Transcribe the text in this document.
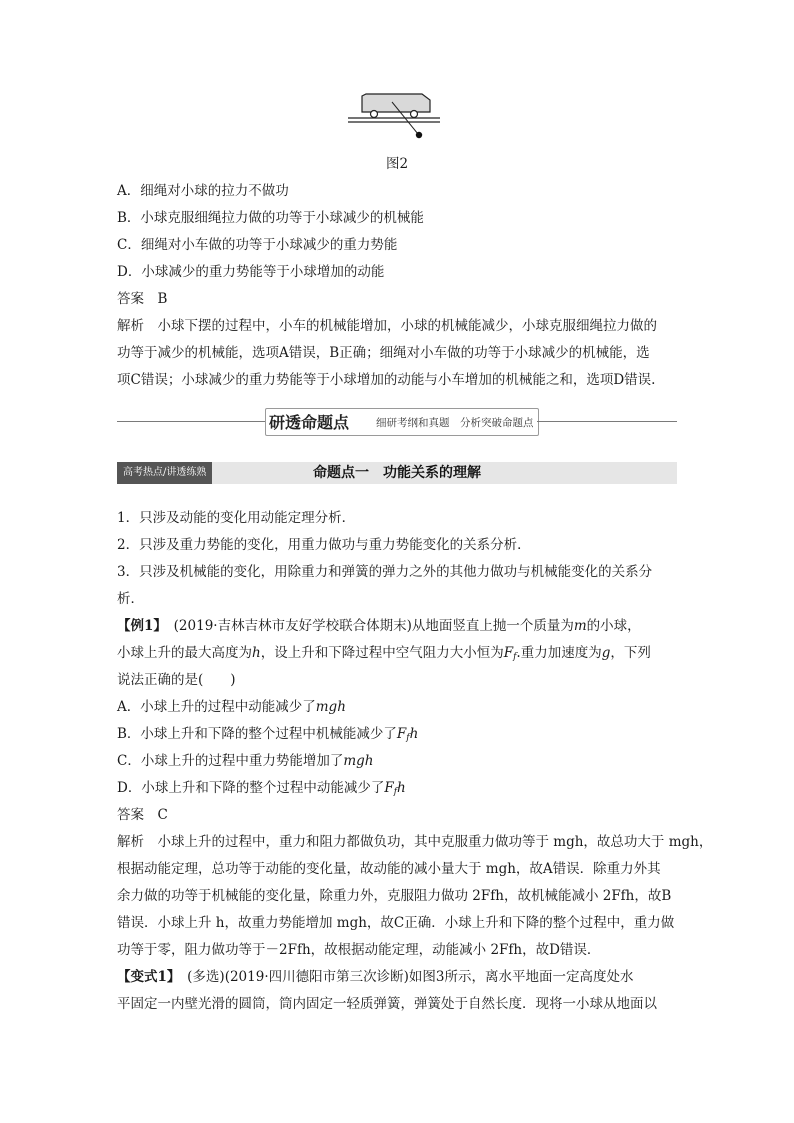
图2
A．细绳对小球的拉力不做功
B．小球克服细绳拉力做的功等于小球减少的机械能
C．细绳对小车做的功等于小球减少的重力势能
D．小球减少的重力势能等于小球增加的动能
答案　B
解析　小球下摆的过程中，小车的机械能增加，小球的机械能减少，小球克服细绳拉力做的
功等于减少的机械能，选项A错误，B正确；细绳对小车做的功等于小球减少的机械能，选
项C错误；小球减少的重力势能等于小球增加的动能与小车增加的机械能之和，选项D错误.
研透命题点	细研考纲和真题　分析突破命题点
命题点一　功能关系的理解
高考热点/讲透练熟
1．只涉及动能的变化用动能定理分析．
2．只涉及重力势能的变化，用重力做功与重力势能变化的关系分析．
3．只涉及机械能的变化，用除重力和弹簧的弹力之外的其他力做功与机械能变化的关系分
析．
【例1】　(2019·吉林吉林市友好学校联合体期末)从地面竖直上抛一个质量为m的小球，
小球上升的最大高度为h，设上升和下降过程中空气阻力大小恒为$F_f$.重力加速度为g，下列
说法正确的是(　　)
A．小球上升的过程中动能减少了mgh
B．小球上升和下降的整个过程中机械能减少了$F_fh$
C．小球上升的过程中重力势能增加了mgh
D．小球上升和下降的整个过程中动能减少了$F_fh$
答案　C
解析　小球上升的过程中，重力和阻力都做负功，其中克服重力做功等于 mgh，故总功大于 mgh，
根据动能定理，总功等于动能的变化量，故动能的减小量大于 mgh，故A错误．除重力外其
余力做的功等于机械能的变化量，除重力外，克服阻力做功 2Ffh，故机械能减小 2Ffh，故B
错误．小球上升 h，故重力势能增加 mgh，故C正确．小球上升和下降的整个过程中，重力做
功等于零，阻力做功等于－2Ffh，故根据动能定理，动能减小 2Ffh，故D错误．
【变式1】　(多选)(2019·四川德阳市第三次诊断)如图3所示，离水平地面一定高度处水
平固定一内壁光滑的圆筒，筒内固定一轻质弹簧，弹簧处于自然长度．现将一小球从地面以
